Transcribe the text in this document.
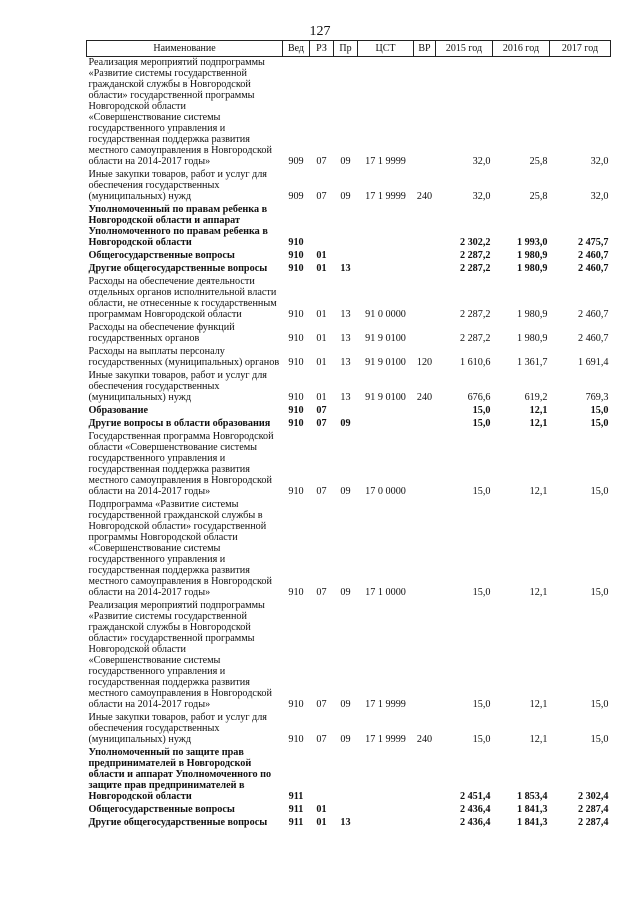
127
Наименование	Вед	РЗ	Пр	ЦСТ	ВР	2015 год	2016 год	2017 год
Реализация мероприятий подпрограммы «Развитие системы государственной гражданской службы в Новгородской области» государственной программы Новгородской области «Совершенствование системы государственного управления и государственная поддержка развития местного самоуправления в Новгородской области на 2014-2017 годы»	909	07	09	17 1 9999		32,0	25,8	32,0
Иные закупки товаров, работ и услуг для обеспечения государственных (муниципальных) нужд	909	07	09	17 1 9999	240	32,0	25,8	32,0
Уполномоченный по правам ребенка в Новгородской области и аппарат Уполномоченного по правам ребенка в Новгородской области	910					2 302,2	1 993,0	2 475,7
Общегосударственные вопросы	910	01				2 287,2	1 980,9	2 460,7
Другие общегосударственные вопросы	910	01	13			2 287,2	1 980,9	2 460,7
Расходы на обеспечение деятельности отдельных органов исполнительной власти области, не отнесенные к государственным программам Новгородской области	910	01	13	91 0 0000		2 287,2	1 980,9	2 460,7
Расходы на обеспечение функций государственных органов	910	01	13	91 9 0100		2 287,2	1 980,9	2 460,7
Расходы на выплаты персоналу государственных (муниципальных) органов	910	01	13	91 9 0100	120	1 610,6	1 361,7	1 691,4
Иные закупки товаров, работ и услуг для обеспечения государственных (муниципальных) нужд	910	01	13	91 9 0100	240	676,6	619,2	769,3
Образование	910	07				15,0	12,1	15,0
Другие вопросы в области образования	910	07	09			15,0	12,1	15,0
Государственная программа Новгородской области «Совершенствование системы государственного управления и государственная поддержка развития местного самоуправления в Новгородской области на 2014-2017 годы»	910	07	09	17 0 0000		15,0	12,1	15,0
Подпрограмма «Развитие системы государственной гражданской службы в Новгородской области» государственной программы Новгородской области «Совершенствование системы государственного управления и государственная поддержка развития местного самоуправления в Новгородской области на 2014-2017 годы»	910	07	09	17 1 0000		15,0	12,1	15,0
Реализация мероприятий подпрограммы «Развитие системы государственной гражданской службы в Новгородской области» государственной программы Новгородской области «Совершенствование системы государственного управления и государственная поддержка развития местного самоуправления в Новгородской области на 2014-2017 годы»	910	07	09	17 1 9999		15,0	12,1	15,0
Иные закупки товаров, работ и услуг для обеспечения государственных (муниципальных) нужд	910	07	09	17 1 9999	240	15,0	12,1	15,0
Уполномоченный по защите прав предпринимателей в Новгородской области и аппарат Уполномоченного по защите прав предпринимателей в Новгородской области	911					2 451,4	1 853,4	2 302,4
Общегосударственные вопросы	911	01				2 436,4	1 841,3	2 287,4
Другие общегосударственные вопросы	911	01	13			2 436,4	1 841,3	2 287,4
